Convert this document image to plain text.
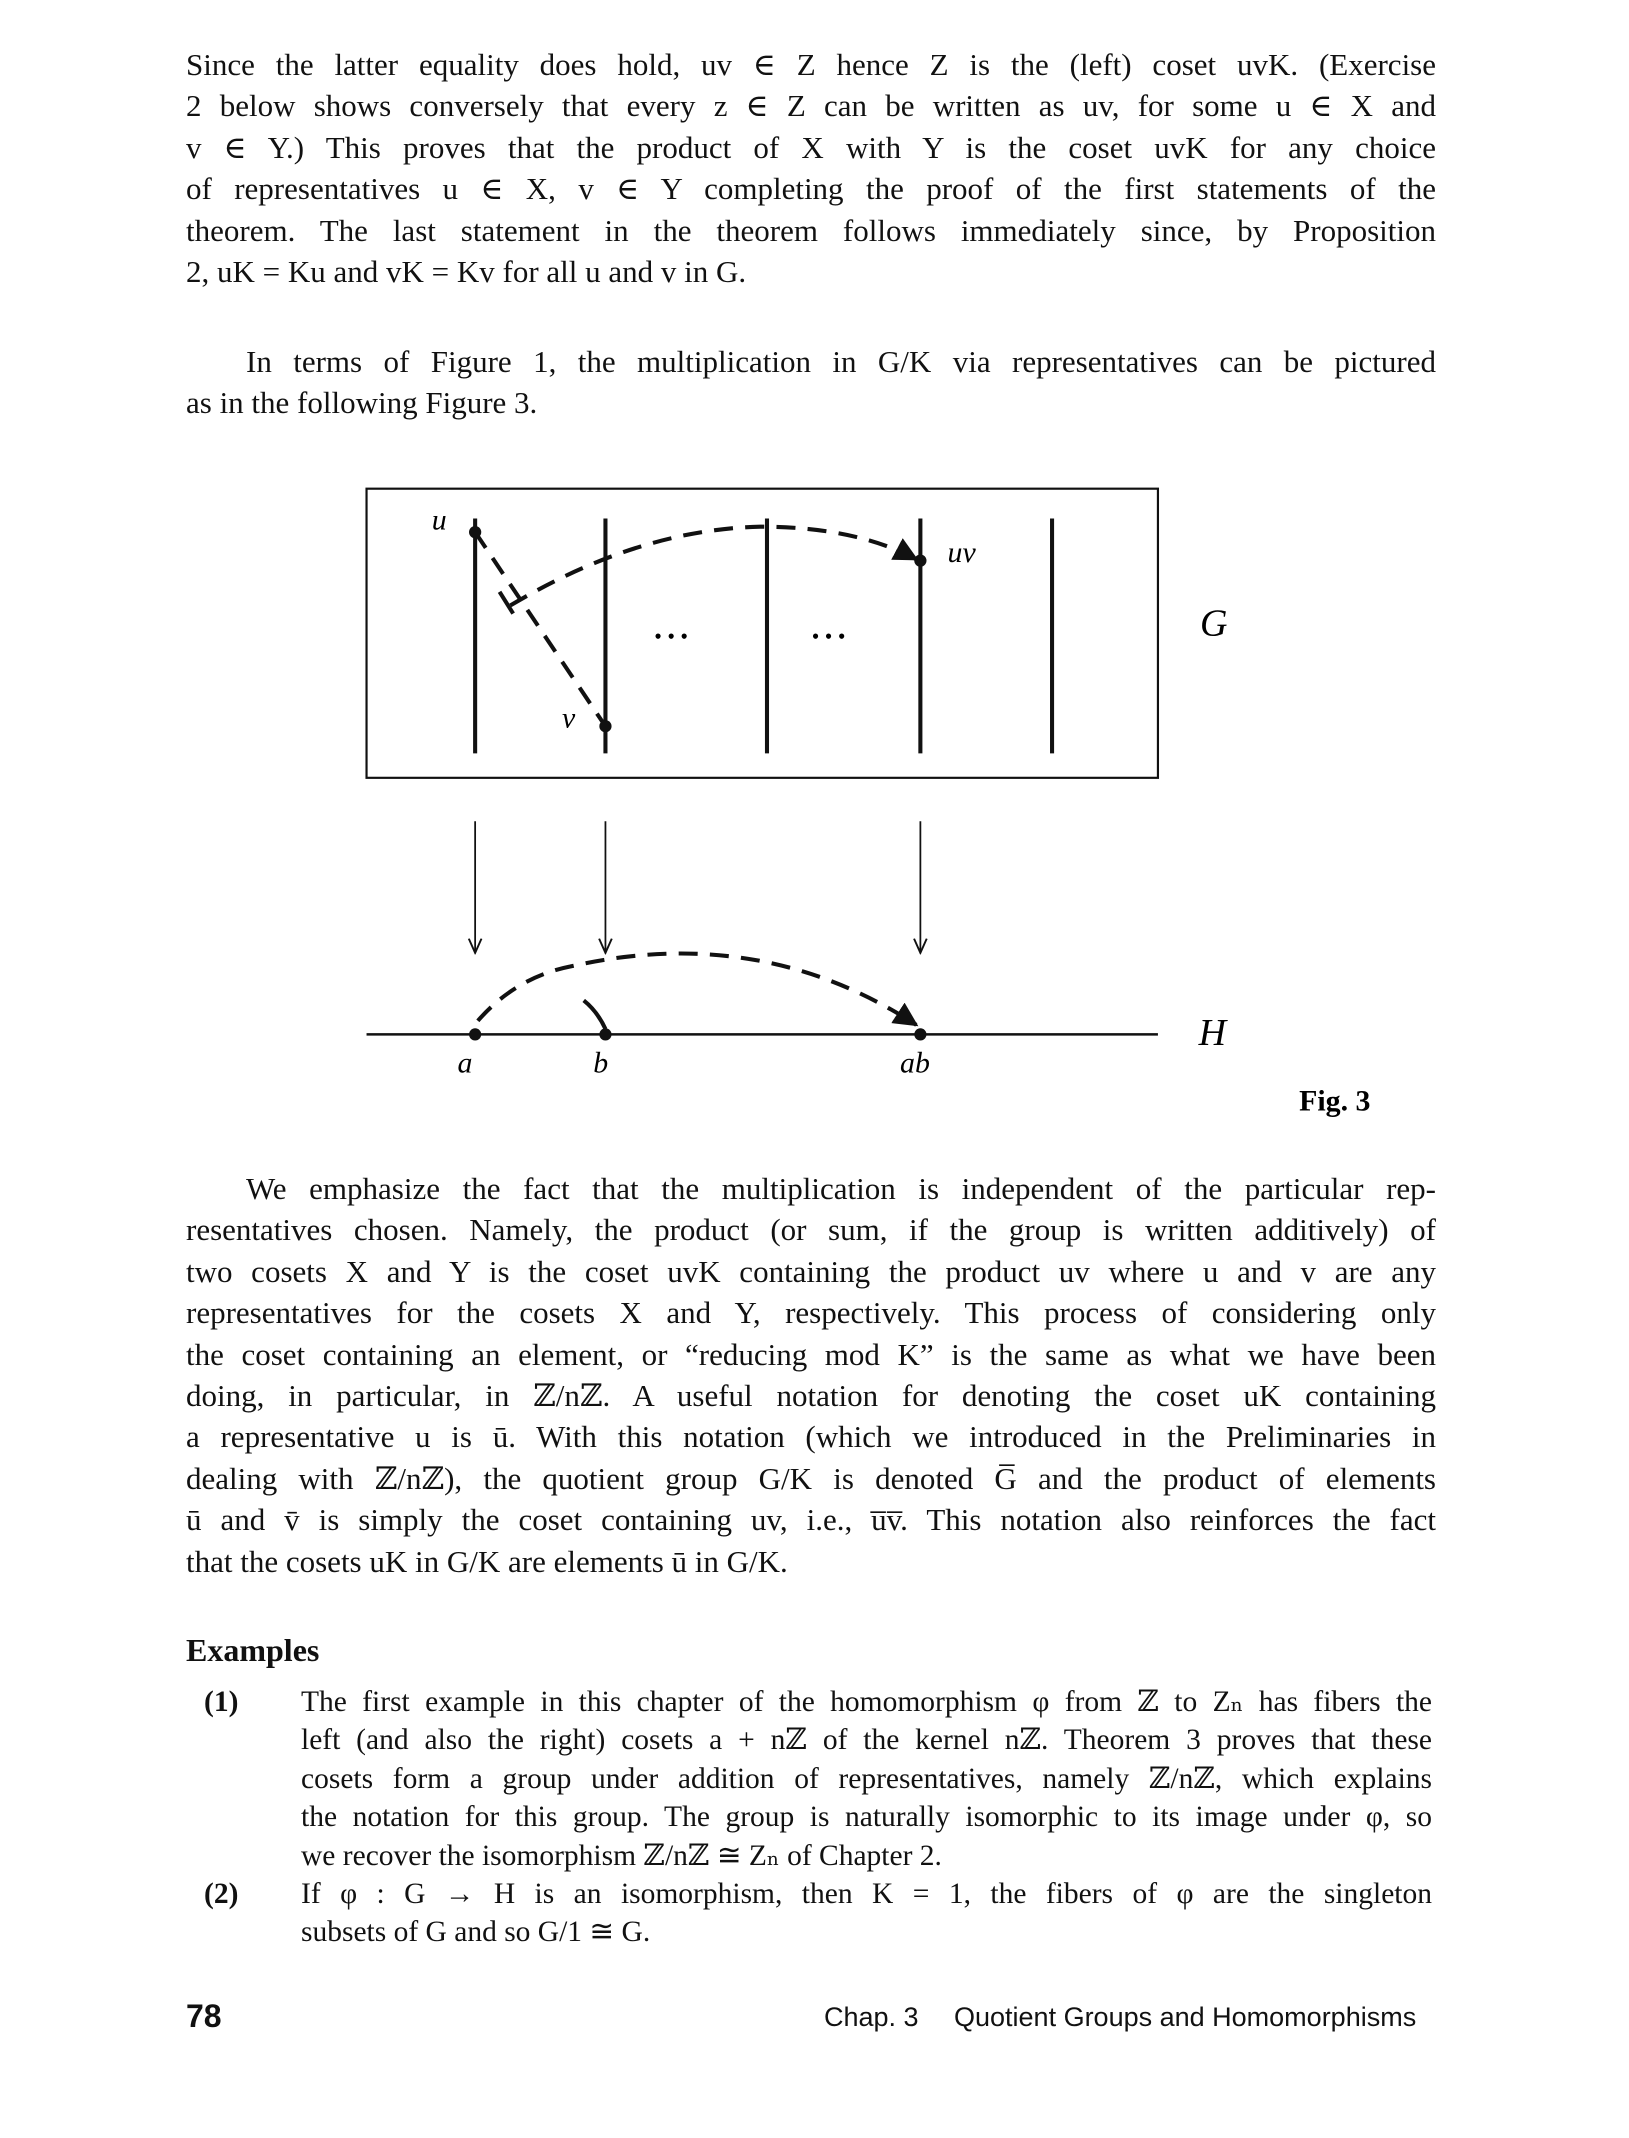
Since the latter equality does hold, uv ∈ Z hence Z is the (left) coset uvK. (Exercise
2 below shows conversely that every z ∈ Z can be written as uv, for some u ∈ X and
v ∈ Y.) This proves that the product of X with Y is the coset uvK for any choice
of representatives u ∈ X, v ∈ Y completing the proof of the first statements of the
theorem. The last statement in the theorem follows immediately since, by Proposition
2, uK = Ku and vK = Kv for all u and v in G.
In terms of Figure 1, the multiplication in G/K via representatives can be pictured
as in the following Figure 3.
u
v
uv
• • •	• • •	G
a	b	ab
H
Fig. 3
We emphasize the fact that the multiplication is independent of the particular rep-
resentatives chosen. Namely, the product (or sum, if the group is written additively) of
two cosets X and Y is the coset uvK containing the product uv where u and v are any
representatives for the cosets X and Y, respectively. This process of considering only
the coset containing an element, or “reducing mod K” is the same as what we have been
doing, in particular, in ℤ/nℤ. A useful notation for denoting the coset uK containing
a representative u is ū. With this notation (which we introduced in the Preliminaries in
dealing with ℤ/nℤ), the quotient group G/K is denoted G̅ and the product of elements
ū and v̄ is simply the coset containing uv, i.e., u̅v̅. This notation also reinforces the fact
that the cosets uK in G/K are elements ū in G/K.
Examples
(1) The first example in this chapter of the homomorphism φ from ℤ to Zₙ has fibers the
left (and also the right) cosets a + nℤ of the kernel nℤ. Theorem 3 proves that these
cosets form a group under addition of representatives, namely ℤ/nℤ, which explains
the notation for this group. The group is naturally isomorphic to its image under φ, so
we recover the isomorphism ℤ/nℤ ≅ Zₙ of Chapter 2.
(2) If φ : G → H is an isomorphism, then K = 1, the fibers of φ are the singleton
subsets of G and so G/1 ≅ G.
78	Chap. 3 Quotient Groups and Homomorphisms
